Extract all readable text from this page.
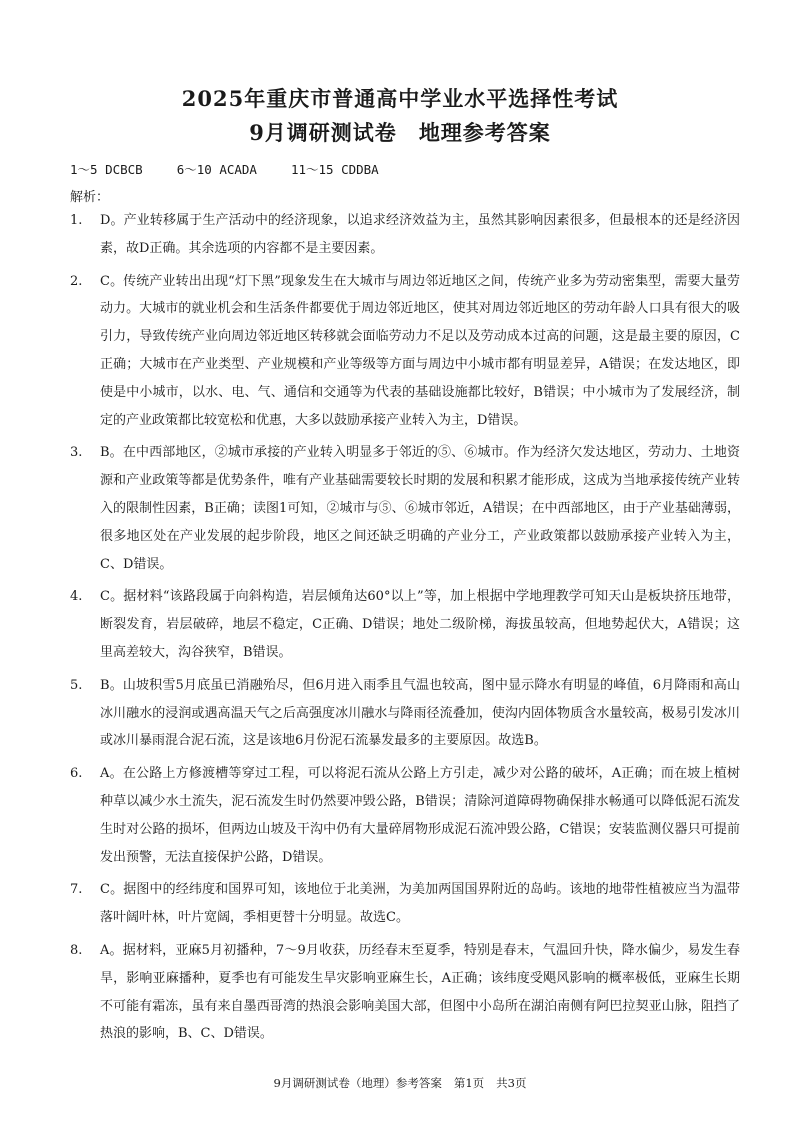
2025年重庆市普通高中学业水平选择性考试
9月调研测试卷 地理参考答案
1～5 DCBCB	6～10 ACADA	11～15 CDDBA
解析：
1. D。产业转移属于生产活动中的经济现象，以追求经济效益为主，虽然其影响因素很多，但最根本的还是经济因素，故D正确。其余选项的内容都不是主要因素。
2. C。传统产业转出出现“灯下黑”现象发生在大城市与周边邻近地区之间，传统产业多为劳动密集型，需要大量劳动力。大城市的就业机会和生活条件都要优于周边邻近地区，使其对周边邻近地区的劳动年龄人口具有很大的吸引力，导致传统产业向周边邻近地区转移就会面临劳动力不足以及劳动成本过高的问题，这是最主要的原因，C正确；大城市在产业类型、产业规模和产业等级等方面与周边中小城市都有明显差异，A错误；在发达地区，即使是中小城市，以水、电、气、通信和交通等为代表的基础设施都比较好，B错误；中小城市为了发展经济，制定的产业政策都比较宽松和优惠，大多以鼓励承接产业转入为主，D错误。
3. B。在中西部地区，②城市承接的产业转入明显多于邻近的⑤、⑥城市。作为经济欠发达地区，劳动力、土地资源和产业政策等都是优势条件，唯有产业基础需要较长时期的发展和积累才能形成，这成为当地承接传统产业转入的限制性因素，B正确；读图1可知，②城市与⑤、⑥城市邻近，A错误；在中西部地区，由于产业基础薄弱，很多地区处在产业发展的起步阶段，地区之间还缺乏明确的产业分工，产业政策都以鼓励承接产业转入为主，C、D错误。
4. C。据材料“该路段属于向斜构造，岩层倾角达60°以上”等，加上根据中学地理教学可知天山是板块挤压地带，断裂发育，岩层破碎，地层不稳定，C正确、D错误；地处二级阶梯，海拔虽较高，但地势起伏大，A错误；这里高差较大，沟谷狭窄，B错误。
5. B。山坡积雪5月底虽已消融殆尽，但6月进入雨季且气温也较高，图中显示降水有明显的峰值，6月降雨和高山冰川融水的浸润或遇高温天气之后高强度冰川融水与降雨径流叠加，使沟内固体物质含水量较高，极易引发冰川或冰川暴雨混合泥石流，这是该地6月份泥石流暴发最多的主要原因。故选B。
6. A。在公路上方修渡槽等穿过工程，可以将泥石流从公路上方引走，减少对公路的破坏，A正确；而在坡上植树种草以减少水土流失，泥石流发生时仍然要冲毁公路，B错误；清除河道障碍物确保排水畅通可以降低泥石流发生时对公路的损坏，但两边山坡及干沟中仍有大量碎屑物形成泥石流冲毁公路，C错误；安装监测仪器只可提前发出预警，无法直接保护公路，D错误。
7. C。据图中的经纬度和国界可知，该地位于北美洲，为美加两国国界附近的岛屿。该地的地带性植被应当为温带落叶阔叶林，叶片宽阔，季相更替十分明显。故选C。
8. A。据材料，亚麻5月初播种，7～9月收获，历经春末至夏季，特别是春末，气温回升快，降水偏少，易发生春旱，影响亚麻播种，夏季也有可能发生旱灾影响亚麻生长，A正确；该纬度受飓风影响的概率极低，亚麻生长期不可能有霜冻，虽有来自墨西哥湾的热浪会影响美国大部，但图中小岛所在湖泊南侧有阿巴拉契亚山脉，阻挡了热浪的影响，B、C、D错误。
9月调研测试卷（地理）参考答案 第1页 共3页
